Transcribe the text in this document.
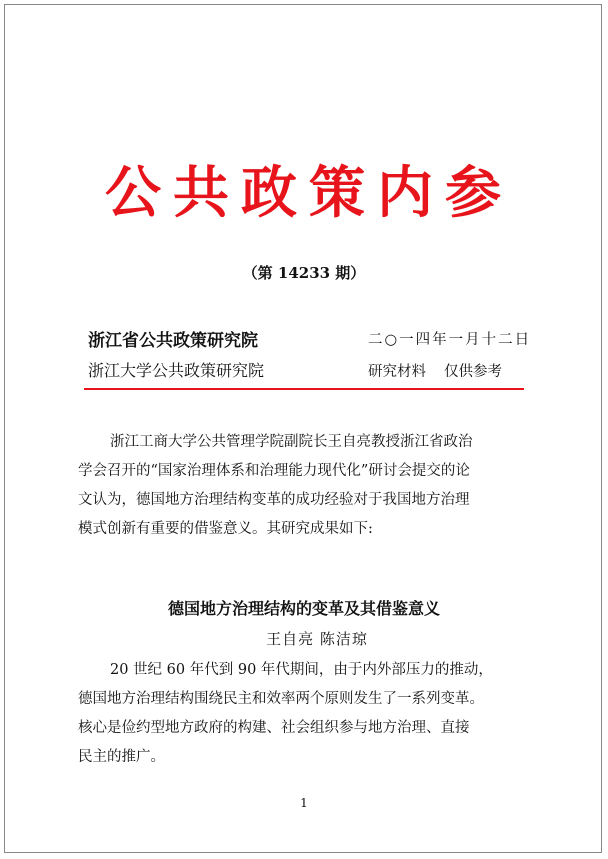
公共政策内参
（第 14233 期）
浙江省公共政策研究院	二○一四年一月十二日
浙江大学公共政策研究院	研究材料 仅供参考
浙江工商大学公共管理学院副院长王自亮教授浙江省政治
学会召开的“国家治理体系和治理能力现代化”研讨会提交的论
文认为，德国地方治理结构变革的成功经验对于我国地方治理
模式创新有重要的借鉴意义。其研究成果如下:
德国地方治理结构的变革及其借鉴意义
王自亮 陈洁琼
20 世纪 60 年代到 90 年代期间，由于内外部压力的推动，
德国地方治理结构围绕民主和效率两个原则发生了一系列变革。
核心是俭约型地方政府的构建、社会组织参与地方治理、直接
民主的推广。
1
